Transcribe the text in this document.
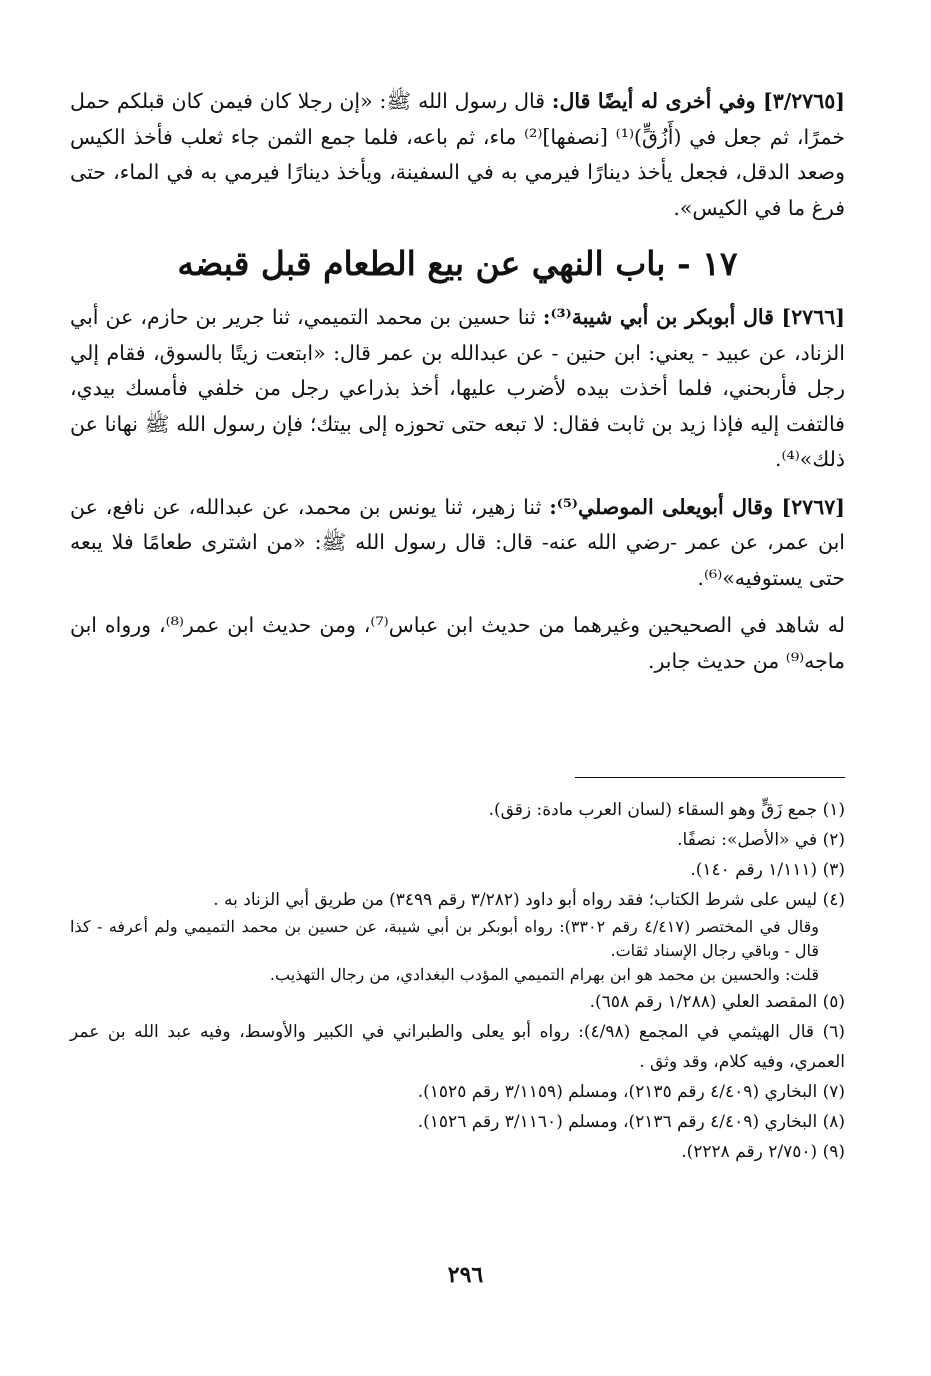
[٣/٢٧٦٥] وفي أخرى له أيضًا قال: قال رسول الله ﷺ: «إن رجلا كان فيمن كان قبلكم حمل خمرًا، ثم جعل في (أَزُقٍّ)⁽¹⁾ [نصفها]⁽²⁾ ماء، ثم باعه، فلما جمع الثمن جاء ثعلب فأخذ الكيس وصعد الدقل، فجعل يأخذ دينارًا فيرمي به في السفينة، ويأخذ دينارًا فيرمي به في الماء، حتى فرغ ما في الكيس».

١٧ - باب النهي عن بيع الطعام قبل قبضه

[٢٧٦٦] قال أبوبكر بن أبي شيبة⁽³⁾: ثنا حسين بن محمد التميمي، ثنا جرير بن حازم، عن أبي الزناد، عن عبيد - يعني: ابن حنين - عن عبدالله بن عمر قال: «ابتعت زيتًا بالسوق، فقام إلي رجل فأربحني، فلما أخذت بيده لأضرب عليها، أخذ بذراعي رجل من خلفي فأمسك بيدي، فالتفت إليه فإذا زيد بن ثابت فقال: لا تبعه حتى تحوزه إلى بيتك؛ فإن رسول الله ﷺ نهانا عن ذلك»⁽⁴⁾.

[٢٧٦٧] وقال أبويعلى الموصلي⁽⁵⁾: ثنا زهير، ثنا يونس بن محمد، عن عبدالله، عن نافع، عن ابن عمر، عن عمر -رضي الله عنه- قال: قال رسول الله ﷺ: «من اشترى طعامًا فلا يبعه حتى يستوفيه»⁽⁶⁾.

له شاهد في الصحيحين وغيرهما من حديث ابن عباس⁽⁷⁾، ومن حديث ابن عمر⁽⁸⁾، ورواه ابن ماجه⁽⁹⁾ من حديث جابر.

(١) جمع زَقٍّ وهو السقاء (لسان العرب مادة: زقق).

(٢) في «الأصل»: نصفًا.

(٣) (١/١١١ رقم ١٤٠).

(٤) ليس على شرط الكتاب؛ فقد رواه أبو داود (٣/٢٨٢ رقم ٣٤٩٩) من طريق أبي الزناد به .

وقال في المختصر (٤/٤١٧ رقم ٣٣٠٢): رواه أبوبكر بن أبي شيبة، عن حسين بن محمد التميمي ولم أعرفه - كذا قال - وباقي رجال الإسناد ثقات.

قلت: والحسين بن محمد هو ابن بهرام التميمي المؤدب البغدادي، من رجال التهذيب.

(٥) المقصد العلي (١/٢٨٨ رقم ٦٥٨).

(٦) قال الهيثمي في المجمع (٤/٩٨): رواه أبو يعلى والطبراني في الكبير والأوسط، وفيه عبد الله بن عمر العمري، وفيه كلام، وقد وثق .

(٧) البخاري (٤/٤٠٩ رقم ٢١٣٥)، ومسلم (٣/١١٥٩ رقم ١٥٢٥).

(٨) البخاري (٤/٤٠٩ رقم ٢١٣٦)، ومسلم (٣/١١٦٠ رقم ١٥٢٦).

(٩) (٢/٧٥٠ رقم ٢٢٢٨).

٢٩٦
